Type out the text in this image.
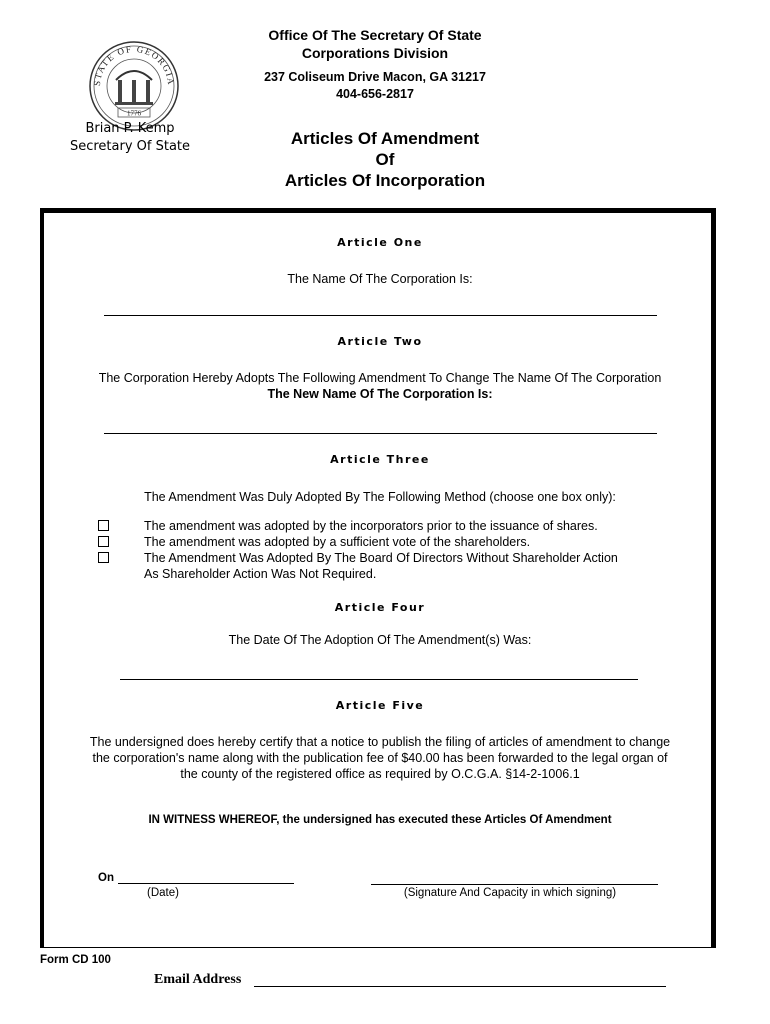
Office Of The Secretary Of State
Corporations Division
237 Coliseum Drive Macon, GA 31217
404-656-2817
STATE OF GEORGIA
1776
Brian P. Kemp
Secretary Of State	Articles Of Amendment
Of
Articles Of Incorporation
Article One
The Name Of The Corporation Is:
Article Two
The Corporation Hereby Adopts The Following Amendment To Change The Name Of The Corporation
The New Name Of The Corporation Is:
Article Three
The Amendment Was Duly Adopted By The Following Method (choose one box only):
The amendment was adopted by the incorporators prior to the issuance of shares.
The amendment was adopted by a sufficient vote of the shareholders.
The Amendment Was Adopted By The Board Of Directors Without Shareholder Action
As Shareholder Action Was Not Required.
Article Four
The Date Of The Adoption Of The Amendment(s) Was:
Article Five
The undersigned does hereby certify that a notice to publish the filing of articles of amendment to change
the corporation's name along with the publication fee of $40.00 has been forwarded to the legal organ of
the county of the registered office as required by O.C.G.A. §14-2-1006.1
IN WITNESS WHEREOF, the undersigned has executed these Articles Of Amendment
On
(Date)	(Signature And Capacity in which signing)
Form CD 100
Email Address
